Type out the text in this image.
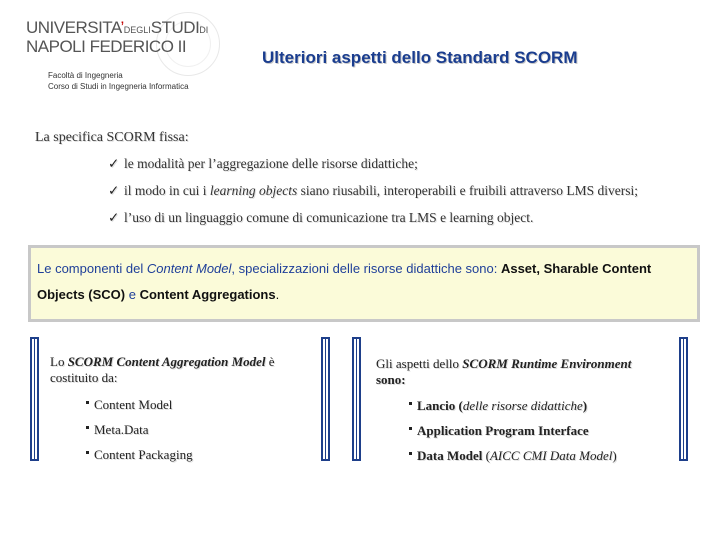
UNIVERSITA’DEGLISTUDIDI
NAPOLI FEDERICO II
Facoltà di Ingegneria
Corso di Studi in Ingegneria Informatica
Ulteriori aspetti dello Standard SCORM
La specifica SCORM fissa:
✓ le modalità per l’aggregazione delle risorse didattiche;
✓ il modo in cui i learning objects siano riusabili, interoperabili e fruibili attraverso LMS diversi;
✓ l’uso di un linguaggio comune di comunicazione tra LMS e learning object.
Le componenti del Content Model, specializzazioni delle risorse didattiche sono: Asset, Sharable Content Objects (SCO) e Content Aggregations.
Lo SCORM Content Aggregation Model è
costituito da:
Content Model
Meta.Data
Content Packaging
Gli aspetti dello SCORM Runtime Environment
sono:
Lancio (delle risorse didattiche)
Application Program Interface
Data Model (AICC CMI Data Model)
